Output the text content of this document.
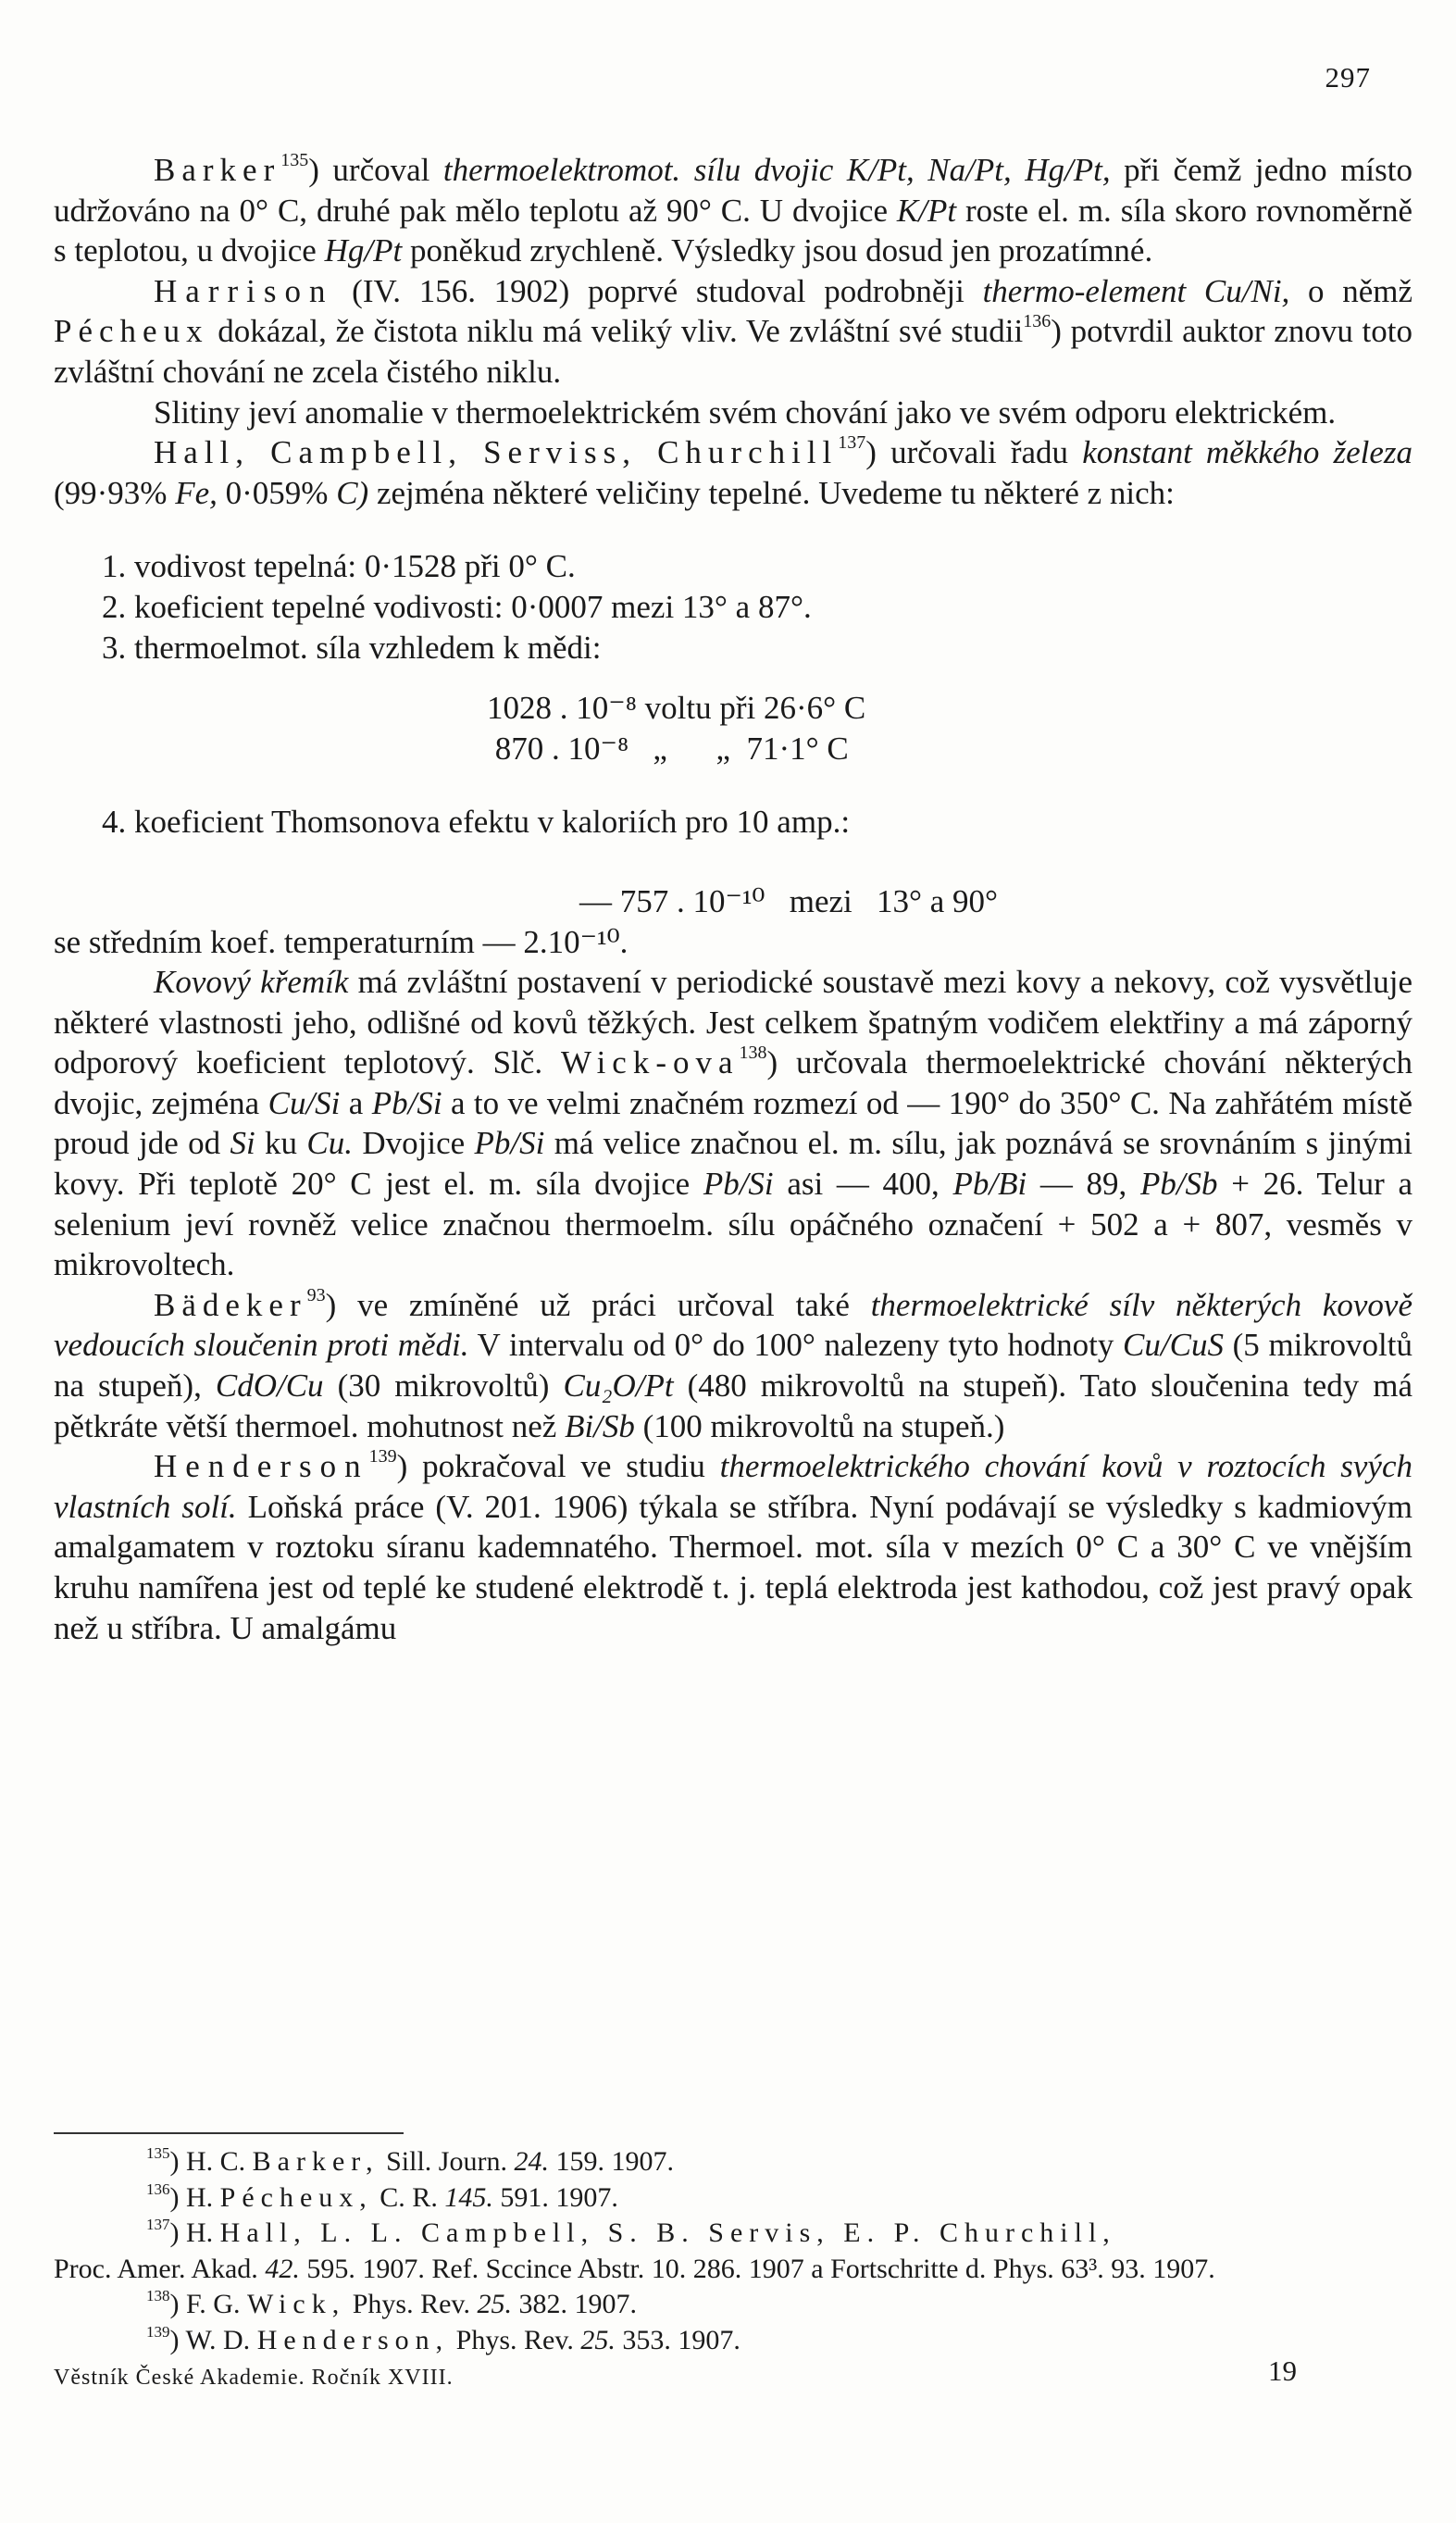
297

Barker$^{135}$) určoval thermoelektromot. sílu dvojic K/Pt, Na/Pt, Hg/Pt, při čemž jedno místo udržováno na 0° C, druhé pak mělo teplotu až 90° C. U dvojice K/Pt roste el. m. síla skoro rovnoměrně s teplotou, u dvojice Hg/Pt poněkud zrychleně. Výsledky jsou dosud jen prozatímné.

Harrison (IV. 156. 1902) poprvé studoval podrobněji thermo-element Cu/Ni, o němž Pécheux dokázal, že čistota niklu má veliký vliv. Ve zvláštní své studii$^{136}$) potvrdil auktor znovu toto zvláštní chování ne zcela čistého niklu.

Slitiny jeví anomalie v thermoelektrickém svém chování jako ve svém odporu elektrickém.

Hall, Campbell, Serviss, Churchill$^{137}$) určovali řadu konstant měkkého železa (99·93% Fe, 0·059% C) zejména některé veličiny tepelné. Uvedeme tu některé z nich:

1. vodivost tepelná: 0·1528 při 0° C.
2. koeficient tepelné vodivosti: 0·0007 mezi 13° a 87°.
3. thermoelmot. síla vzhledem k mědi:
1028 . 10⁻⁸ voltu při 26·6° C
870 . 10⁻⁸   „      „  71·1° C
4. koeficient Thomsonova efektu v kaloriích pro 10 amp.:
— 757 . 10⁻¹⁰   mezi   13° a 90°

se středním koef. temperaturním — 2.10⁻¹⁰.

Kovový křemík má zvláštní postavení v periodické soustavě mezi kovy a nekovy, což vysvětluje některé vlastnosti jeho, odlišné od kovů těžkých. Jest celkem špatným vodičem elektřiny a má záporný odporový koeficient teplotový. Slč. Wick-ova$^{138}$) určovala thermoelektrické chování některých dvojic, zejména Cu/Si a Pb/Si a to ve velmi značném rozmezí od — 190° do 350° C. Na zahřátém místě proud jde od Si ku Cu. Dvojice Pb/Si má velice značnou el. m. sílu, jak poznává se srovnáním s jinými kovy. Při teplotě 20° C jest el. m. síla dvojice Pb/Si asi — 400, Pb/Bi — 89, Pb/Sb + 26. Telur a selenium jeví rovněž velice značnou thermoelm. sílu opáčného označení + 502 a + 807, vesměs v mikrovoltech.

Bädeker$^{93}$) ve zmíněné už práci určoval také thermoelektrické sílv některých kovově vedoucích sloučenin proti mědi. V intervalu od 0° do 100° nalezeny tyto hodnoty Cu/CuS (5 mikrovoltů na stupeň), CdO/Cu (30 mikrovoltů) Cu₂O/Pt (480 mikrovoltů na stupeň). Tato sloučenina tedy má pětkráte větší thermoel. mohutnost než Bi/Sb (100 mikrovoltů na stupeň.)

Henderson$^{139}$) pokračoval ve studiu thermoelektrického chování kovů v roztocích svých vlastních solí. Loňská práce (V. 201. 1906) týkala se stříbra. Nyní podávají se výsledky s kadmiovým amalgamatem v roztoku síranu kademnatého. Thermoel. mot. síla v mezích 0° C a 30° C ve vnějším kruhu namířena jest od teplé ke studené elektrodě t. j. teplá elektroda jest kathodou, což jest pravý opak než u stříbra. U amalgámu

$^{135}$) H. C. Barker, Sill. Journ. 24. 159. 1907.

$^{136}$) H. Pécheux, C. R. 145. 591. 1907.

$^{137}$) H. Hall, L. L. Campbell, S. B. Servis, E. P. Churchill,

Proc. Amer. Akad. 42. 595. 1907. Ref. Sccince Abstr. 10. 286. 1907 a Fortschritte d. Phys. 63³. 93. 1907.

$^{138}$) F. G. Wick, Phys. Rev. 25. 382. 1907.

$^{139}$) W. D. Henderson, Phys. Rev. 25. 353. 1907.

Věstník České Akademie. Ročník XVIII.	19
